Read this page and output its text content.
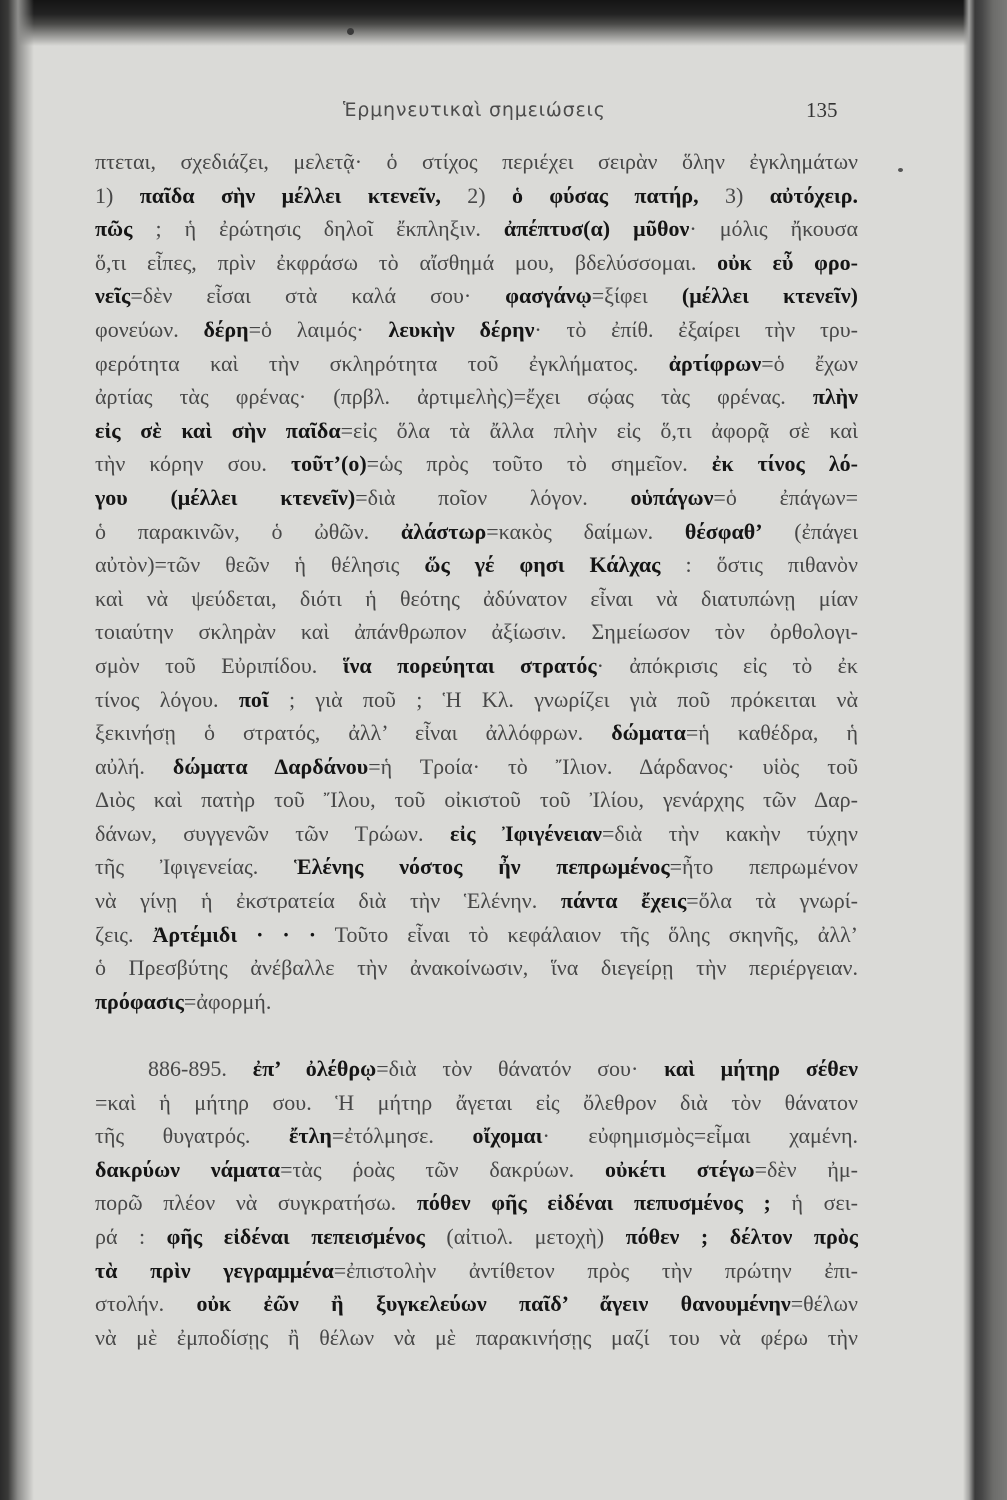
Ἑρμηνευτικαὶ σημειώσεις	135
πτεται, σχεδιάζει, μελετᾷ· ὁ στίχος περιέχει σειρὰν ὅλην ἐγκλημάτων
1) παῖδα σὴν μέλλει κτενεῖν, 2) ὁ φύσας πατήρ, 3) αὐτόχειρ.
πῶς ; ἡ ἐρώτησις δηλοῖ ἔκπληξιν. ἀπέπτυσ(α) μῦθον· μόλις ἤκουσα
ὅ,τι εἶπες, πρὶν ἐκφράσω τὸ αἴσθημά μου, βδελύσσομαι. οὐκ εὖ φρο-
νεῖς=δὲν εἶσαι στὰ καλά σου· φασγάνῳ=ξίφει (μέλλει κτενεῖν)
φονεύων. δέρη=ὁ λαιμός· λευκὴν δέρην· τὸ ἐπίθ. ἐξαίρει τὴν τρυ-
φερότητα καὶ τὴν σκληρότητα τοῦ ἐγκλήματος. ἀρτίφρων=ὁ ἔχων
ἀρτίας τὰς φρένας· (πρβλ. ἀρτιμελὴς)=ἔχει σῴας τὰς φρένας. πλὴν
εἰς σὲ καὶ σὴν παῖδα=εἰς ὅλα τὰ ἄλλα πλὴν εἰς ὅ,τι ἀφορᾷ σὲ καὶ
τὴν κόρην σου. τοῦτ’(ο)=ὡς πρὸς τοῦτο τὸ σημεῖον. ἐκ τίνος λό-
γου (μέλλει κτενεῖν)=διὰ ποῖον λόγον. οὑπάγων=ὁ ἐπάγων=
ὁ παρακινῶν, ὁ ὠθῶν. ἀλάστωρ=κακὸς δαίμων. θέσφαθ’ (ἐπάγει
αὐτὸν)=τῶν θεῶν ἡ θέλησις ὥς γέ φησι Κάλχας : ὅστις πιθανὸν
καὶ νὰ ψεύδεται, διότι ἡ θεότης ἀδύνατον εἶναι νὰ διατυπώνῃ μίαν
τοιαύτην σκληρὰν καὶ ἀπάνθρωπον ἀξίωσιν. Σημείωσον τὸν ὀρθολογι-
σμὸν τοῦ Εὐριπίδου. ἵνα πορεύηται στρατός· ἀπόκρισις εἰς τὸ ἐκ
τίνος λόγου. ποῖ ; γιὰ ποῦ ; Ἡ Κλ. γνωρίζει γιὰ ποῦ πρόκειται νὰ
ξεκινήσῃ ὁ στρατός, ἀλλ’ εἶναι ἀλλόφρων. δώματα=ἡ καθέδρα, ἡ
αὐλή. δώματα Δαρδάνου=ἡ Τροία· τὸ Ἴλιον. Δάρδανος· υἱὸς τοῦ
Διὸς καὶ πατὴρ τοῦ Ἴλου, τοῦ οἰκιστοῦ τοῦ Ἰλίου, γενάρχης τῶν Δαρ-
δάνων, συγγενῶν τῶν Τρώων. εἰς Ἰφιγένειαν=διὰ τὴν κακὴν τύχην
τῆς Ἰφιγενείας. Ἑλένης νόστος ἦν πεπρωμένος=ἦτο πεπρωμένον
νὰ γίνῃ ἡ ἐκστρατεία διὰ τὴν Ἑλένην. πάντα ἔχεις=ὅλα τὰ γνωρί-
ζεις. Ἀρτέμιδι · · · Τοῦτο εἶναι τὸ κεφάλαιον τῆς ὅλης σκηνῆς, ἀλλ’
ὁ Πρεσβύτης ἀνέβαλλε τὴν ἀνακοίνωσιν, ἵνα διεγείρῃ τὴν περιέργειαν.
πρόφασις=ἀφορμή.
886-895. ἐπ’ ὀλέθρῳ=διὰ τὸν θάνατόν σου· καὶ μήτηρ σέθεν
=καὶ ἡ μήτηρ σου. Ἡ μήτηρ ἄγεται εἰς ὄλεθρον διὰ τὸν θάνατον
τῆς θυγατρός. ἔτλη=ἐτόλμησε. οἴχομαι· εὐφημισμὸς=εἶμαι χαμένη.
δακρύων νάματα=τὰς ῥοὰς τῶν δακρύων. οὐκέτι στέγω=δὲν ἠμ-
πορῶ πλέον νὰ συγκρατήσω. πόθεν φῆς εἰδέναι πεπυσμένος ; ἡ σει-
ρά : φῆς εἰδέναι πεπεισμένος (αἰτιολ. μετοχὴ) πόθεν ; δέλτον πρὸς
τὰ πρὶν γεγραμμένα=ἐπιστολὴν ἀντίθετον πρὸς τὴν πρώτην ἐπι-
στολήν. οὐκ ἐῶν ἢ ξυγκελεύων παῖδ’ ἄγειν θανουμένην=θέλων
νὰ μὲ ἐμποδίσῃς ἢ θέλων νὰ μὲ παρακινήσῃς μαζί του νὰ φέρω τὴν
